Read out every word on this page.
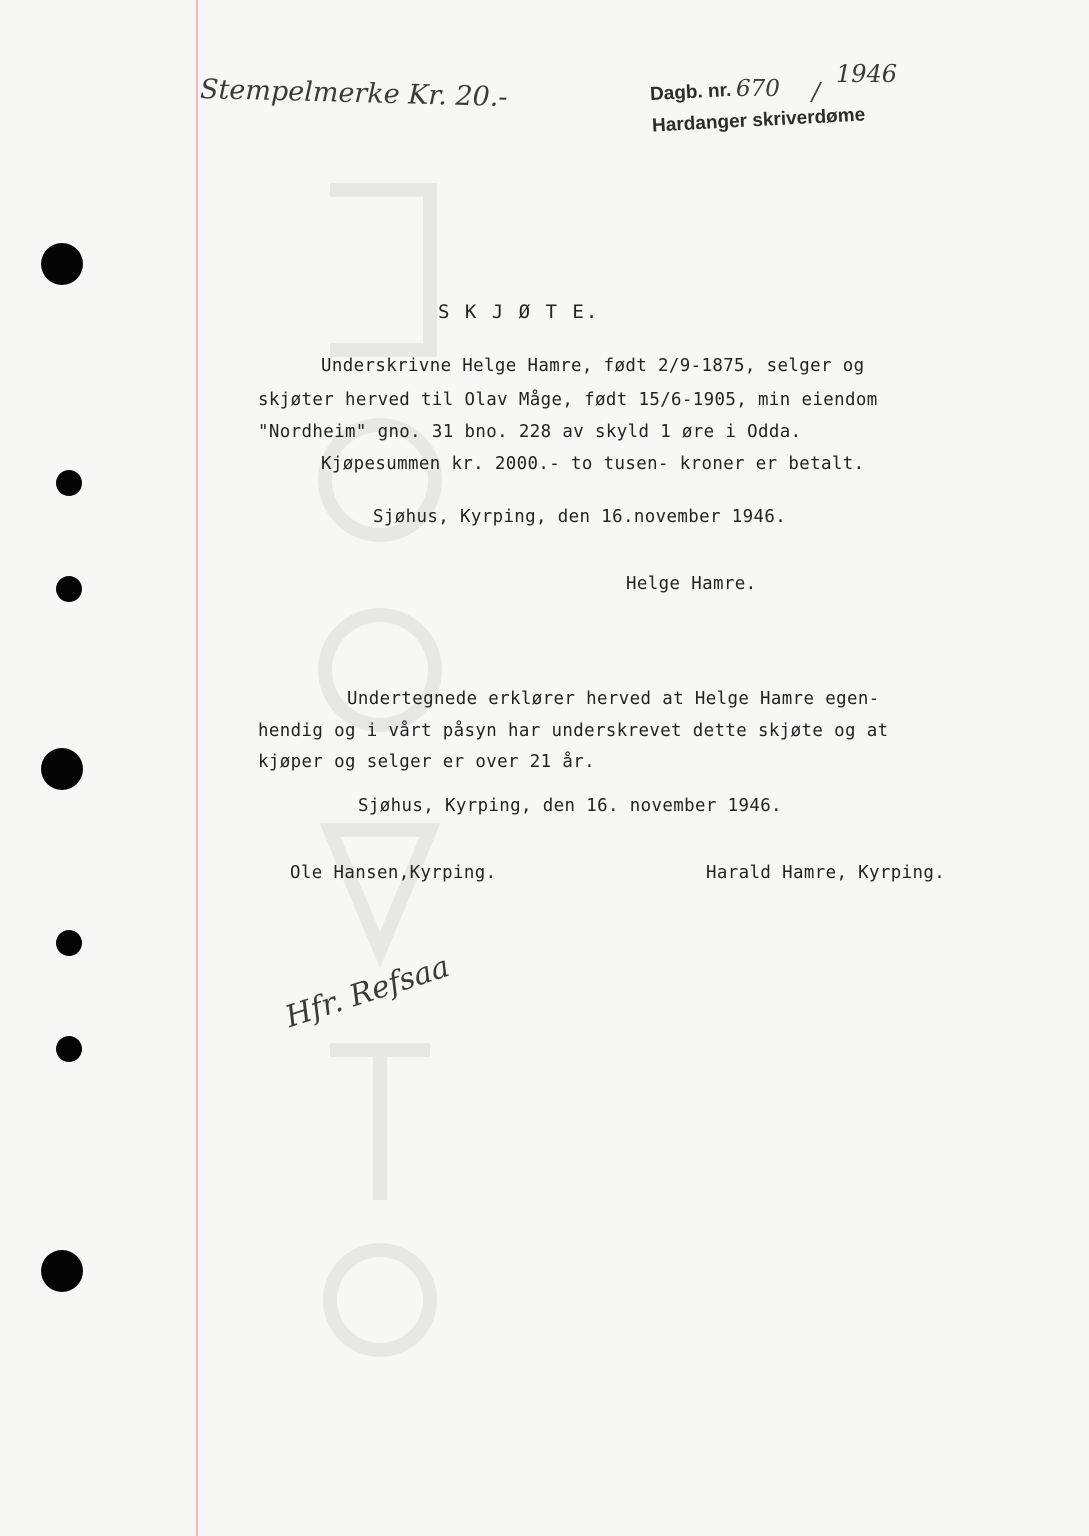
Stempelmerke Kr. 20.-	Dagb. nr. 670 /
1946
Hardanger skriverdøme
S K J Ø T E.
Underskrivne Helge Hamre, født 2/9-1875, selger og
skjøter herved til Olav Måge, født 15/6-1905, min eiendom
"Nordheim" gno. 31 bno. 228 av skyld 1 øre i Odda.
Kjøpesummen kr. 2000.- to tusen- kroner er betalt.
Sjøhus, Kyrping, den 16.november 1946.
Helge Hamre.
Undertegnede erklører herved at Helge Hamre egen-
hendig og i vårt påsyn har underskrevet dette skjøte og at
kjøper og selger er over 21 år.
Sjøhus, Kyrping, den 16. november 1946.
Ole Hansen,Kyrping.	Harald Hamre, Kyrping.
Hfr. Refsaa
